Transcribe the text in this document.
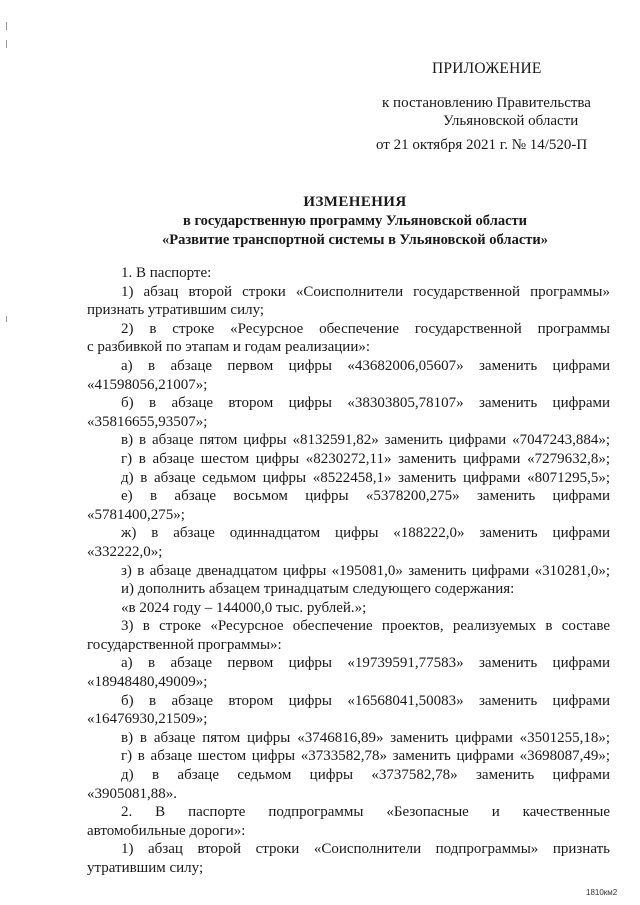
ПРИЛОЖЕНИЕ
к постановлению Правительства
Ульяновской области
от 21 октября 2021 г. № 14/520-П
ИЗМЕНЕНИЯ
в государственную программу Ульяновской области
«Развитие транспортной системы в Ульяновской области»
1. В паспорте:
1) абзац второй строки «Соисполнители государственной программы»
признать утратившим силу;
2) в строке «Ресурсное обеспечение государственной программы
с разбивкой по этапам и годам реализации»:
а) в абзаце первом цифры «43682006,05607» заменить цифрами
«41598056,21007»;
б) в абзаце втором цифры «38303805,78107» заменить цифрами
«35816655,93507»;
в) в абзаце пятом цифры «8132591,82» заменить цифрами «7047243,884»;
г) в абзаце шестом цифры «8230272,11» заменить цифрами «7279632,8»;
д) в абзаце седьмом цифры «8522458,1» заменить цифрами «8071295,5»;
е) в абзаце восьмом цифры «5378200,275» заменить цифрами
«5781400,275»;
ж) в абзаце одиннадцатом цифры «188222,0» заменить цифрами
«332222,0»;
з) в абзаце двенадцатом цифры «195081,0» заменить цифрами «310281,0»;
и) дополнить абзацем тринадцатым следующего содержания:
«в 2024 году – 144000,0 тыс. рублей.»;
3) в строке «Ресурсное обеспечение проектов, реализуемых в составе
государственной программы»:
а) в абзаце первом цифры «19739591,77583» заменить цифрами
«18948480,49009»;
б) в абзаце втором цифры «16568041,50083» заменить цифрами
«16476930,21509»;
в) в абзаце пятом цифры «3746816,89» заменить цифрами «3501255,18»;
г) в абзаце шестом цифры «3733582,78» заменить цифрами «3698087,49»;
д) в абзаце седьмом цифры «3737582,78» заменить цифрами
«3905081,88».
2. В паспорте подпрограммы «Безопасные и качественные
автомобильные дороги»:
1) абзац второй строки «Соисполнители подпрограммы» признать
утратившим силу;
1810км2
